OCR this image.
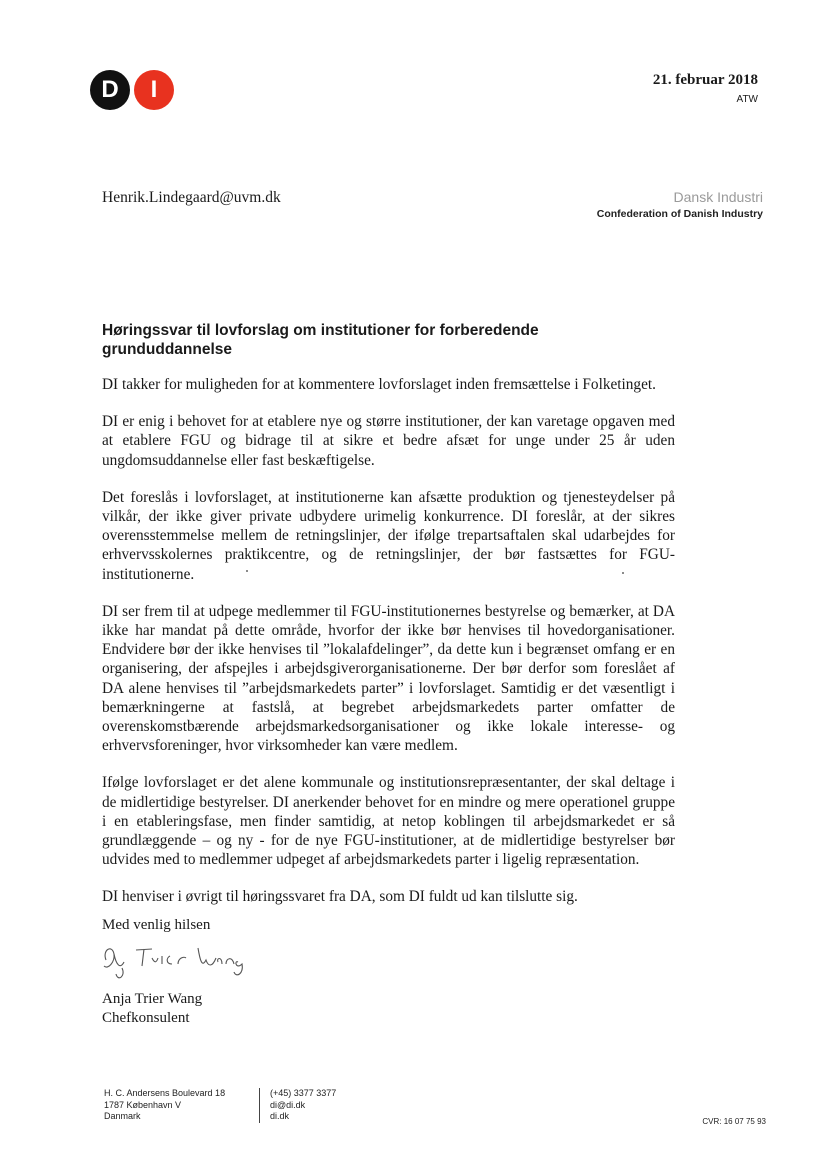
D	I	21. februar 2018
ATW
Henrik.Lindegaard@uvm.dk	Dansk Industri
Confederation of Danish Industry
Høringssvar til lovforslag om institutioner for forberedende grunduddannelse

DI takker for muligheden for at kommentere lovforslaget inden fremsættelse i Folketinget.

DI er enig i behovet for at etablere nye og større institutioner, der kan varetage opgaven med at etablere FGU og bidrage til at sikre et bedre afsæt for unge under 25 år uden ungdomsuddannelse eller fast beskæftigelse.

Det foreslås i lovforslaget, at institutionerne kan afsætte produktion og tjenesteydelser på vilkår, der ikke giver private udbydere urimelig konkurrence. DI foreslår, at der sikres overensstemmelse mellem de retningslinjer, der ifølge trepartsaftalen skal udarbejdes for erhvervsskolernes praktikcentre, og de retningslinjer, der bør fastsættes for FGU-institutionerne.

DI ser frem til at udpege medlemmer til FGU-institutionernes bestyrelse og bemærker, at DA ikke har mandat på dette område, hvorfor der ikke bør henvises til hovedorganisationer. Endvidere bør der ikke henvises til ”lokalafdelinger”, da dette kun i begrænset omfang er en organisering, der afspejles i arbejdsgiverorganisationerne. Der bør derfor som foreslået af DA alene henvises til ”arbejdsmarkedets parter” i lovforslaget. Samtidig er det væsentligt i bemærkningerne at fastslå, at begrebet arbejdsmarkedets parter omfatter de overenskomstbærende arbejdsmarkedsorganisationer og ikke lokale interesse- og erhvervsforeninger, hvor virksomheder kan være medlem.

Ifølge lovforslaget er det alene kommunale og institutionsrepræsentanter, der skal deltage i de midlertidige bestyrelser. DI anerkender behovet for en mindre og mere operationel gruppe i en etableringsfase, men finder samtidig, at netop koblingen til arbejdsmarkedet er så grundlæggende – og ny - for de nye FGU-institutioner, at de midlertidige bestyrelser bør udvides med to medlemmer udpeget af arbejdsmarkedets parter i ligelig repræsentation.

DI henviser i øvrigt til høringssvaret fra DA, som DI fuldt ud kan tilslutte sig.

Med venlig hilsen
Anja Trier Wang
Chefkonsulent
H. C. Andersens Boulevard 18
1787 København V
Danmark
(+45) 3377 3377
di@di.dk
di.dk
CVR: 16 07 75 93
